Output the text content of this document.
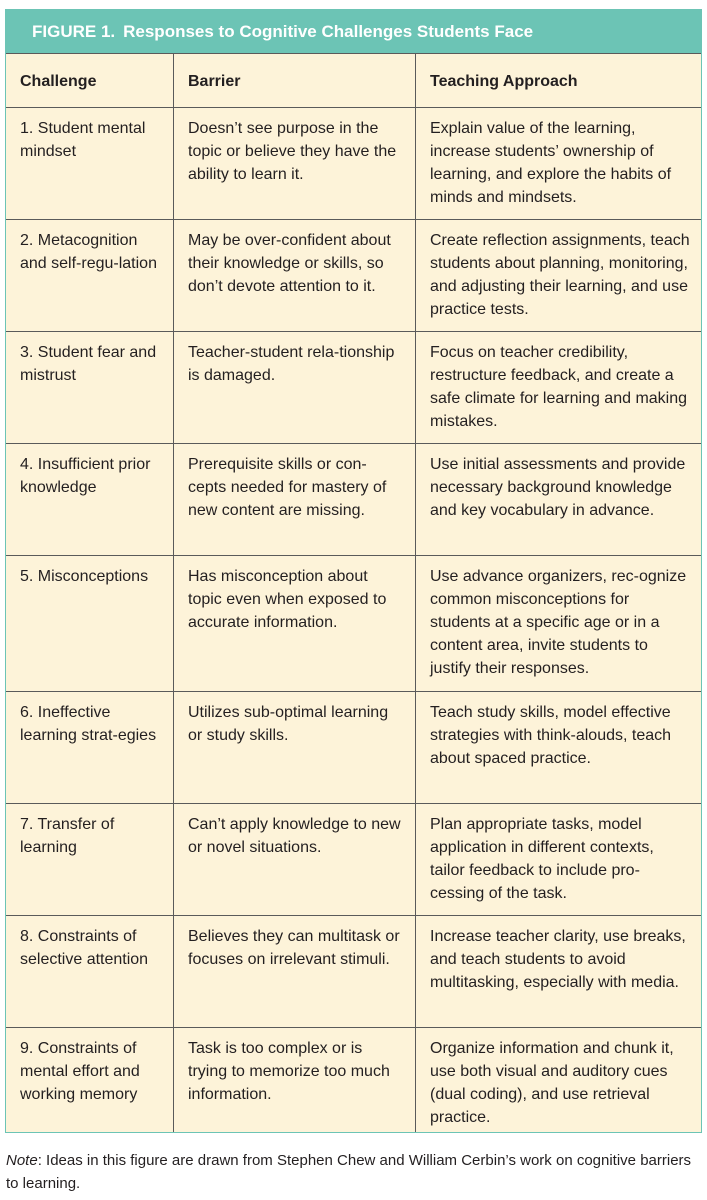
FIGURE 1. Responses to Cognitive Challenges Students Face
Challenge	Barrier	Teaching Approach
1. Student mental mindset	Doesn’t see purpose in the topic or believe they have the ability to learn it.	Explain value of the learning, increase students’ ownership of learning, and explore the habits of minds and mindsets.
2. Metacognition and self-regu-lation	May be over-confident about their knowledge or skills, so don’t devote attention to it.	Create reflection assignments, teach students about planning, monitoring, and adjusting their learning, and use practice tests.
3. Student fear and mistrust	Teacher-student rela-tionship is damaged.	Focus on teacher credibility, restructure feedback, and create a safe climate for learning and making mistakes.
4. Insufficient prior knowledge	Prerequisite skills or con-cepts needed for mastery of new content are missing.	Use initial assessments and provide necessary background knowledge and key vocabulary in advance.
5. Misconceptions	Has misconception about topic even when exposed to accurate information.	Use advance organizers, rec-ognize common misconceptions for students at a specific age or in a content area, invite students to justify their responses.
6. Ineffective learning strat-egies	Utilizes sub-optimal learning or study skills.	Teach study skills, model effective strategies with think-alouds, teach about spaced practice.
7. Transfer of learning	Can’t apply knowledge to new or novel situations.	Plan appropriate tasks, model application in different contexts, tailor feedback to include pro-cessing of the task.
8. Constraints of selective attention	Believes they can multitask or focuses on irrelevant stimuli.	Increase teacher clarity, use breaks, and teach students to avoid multitasking, especially with media.
9. Constraints of mental effort and working memory	Task is too complex or is trying to memorize too much information.	Organize information and chunk it, use both visual and auditory cues (dual coding), and use retrieval practice.
Note: Ideas in this figure are drawn from Stephen Chew and William Cerbin’s work on cognitive barriers to learning.
